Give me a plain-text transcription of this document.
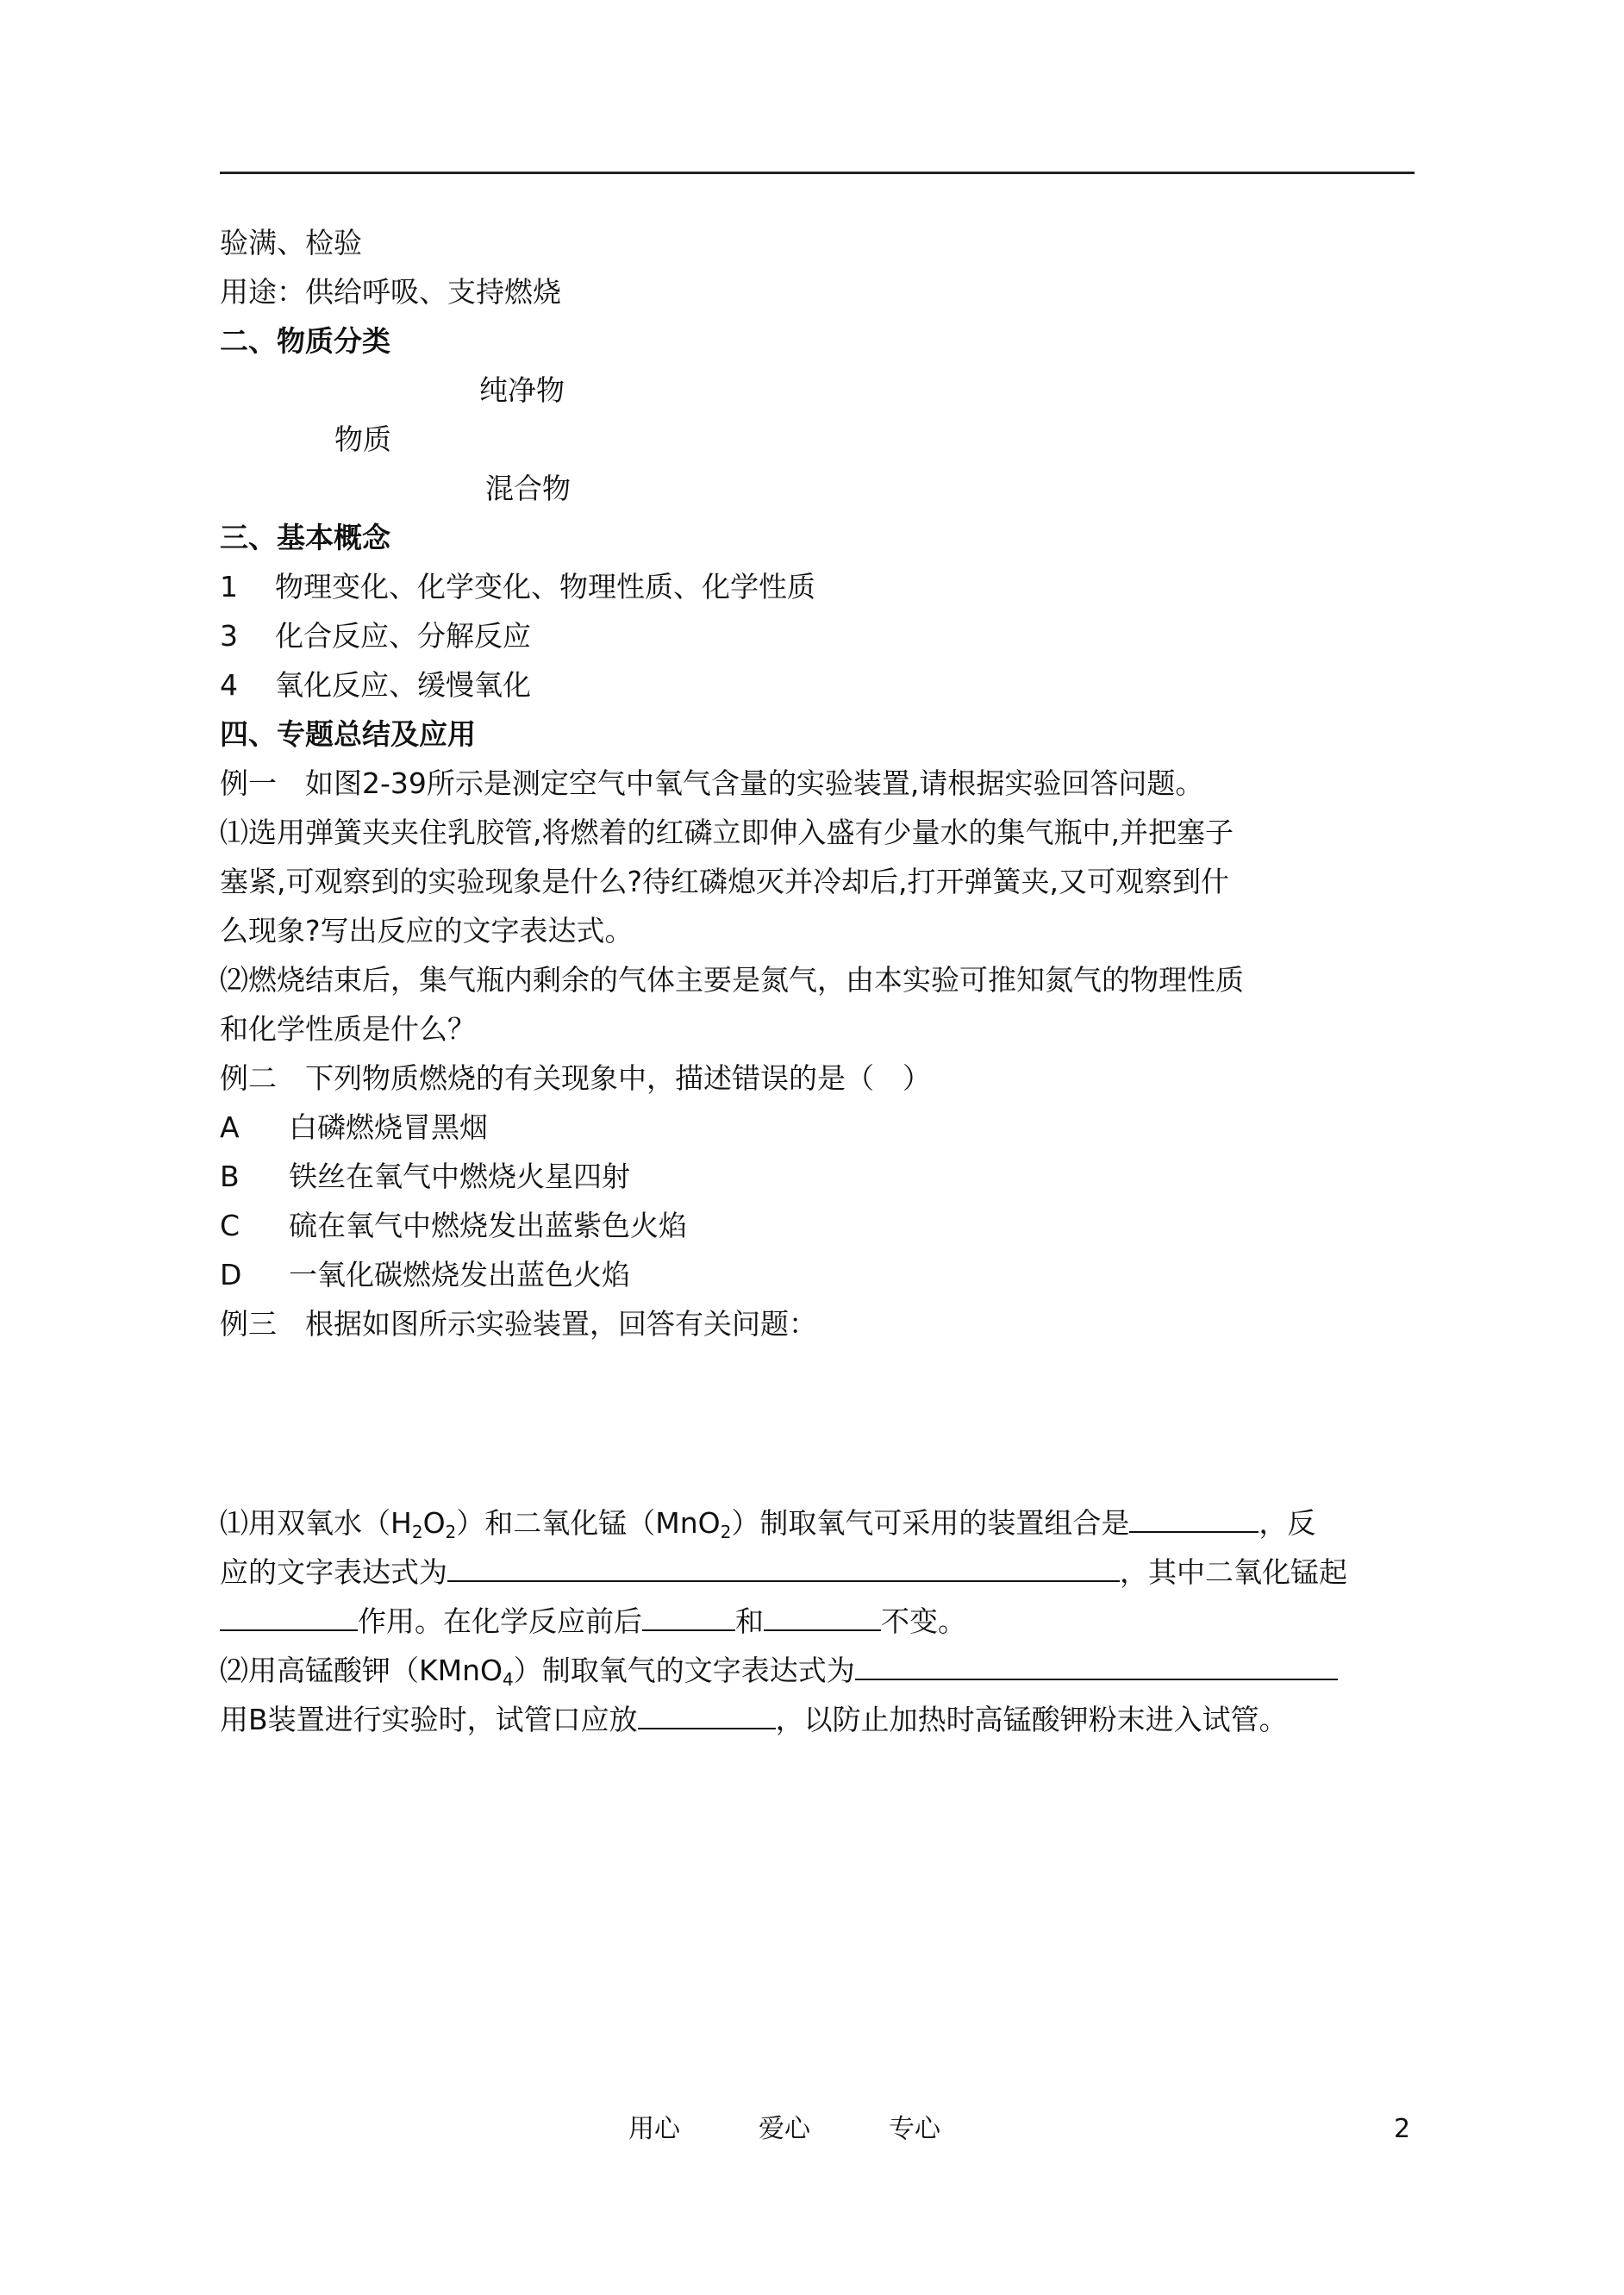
验满、检验
用途：供给呼吸、支持燃烧
二、物质分类
纯净物
物质
混合物
三、基本概念
1 物理变化、化学变化、物理性质、化学性质
3 化合反应、分解反应
4 氧化反应、缓慢氧化
四、专题总结及应用
例一　如图2-39所示是测定空气中氧气含量的实验装置,请根据实验回答问题。
⑴选用弹簧夹夹住乳胶管,将燃着的红磷立即伸入盛有少量水的集气瓶中,并把塞子
塞紧,可观察到的实验现象是什么?待红磷熄灭并冷却后,打开弹簧夹,又可观察到什
么现象?写出反应的文字表达式。
⑵燃烧结束后，集气瓶内剩余的气体主要是氮气，由本实验可推知氮气的物理性质
和化学性质是什么？
例二　下列物质燃烧的有关现象中，描述错误的是（　）
A 白磷燃烧冒黑烟
B 铁丝在氧气中燃烧火星四射
C 硫在氧气中燃烧发出蓝紫色火焰
D 一氧化碳燃烧发出蓝色火焰
例三　根据如图所示实验装置，回答有关问题：
⑴用双氧水$(H_2O_2)$和二氧化锰（MnO$_2$）制取氧气可采用的装置组合是	，反
应的文字表达式为	，其中二氧化锰起
作用。在化学反应前后	和	不变。
⑵用高锰酸钾（KMnO$_4$）制取氧气的文字表达式为
用B装置进行实验时，试管口应放	，以防止加热时高锰酸钾粉末进入试管。
用心	爱心	专心	2
